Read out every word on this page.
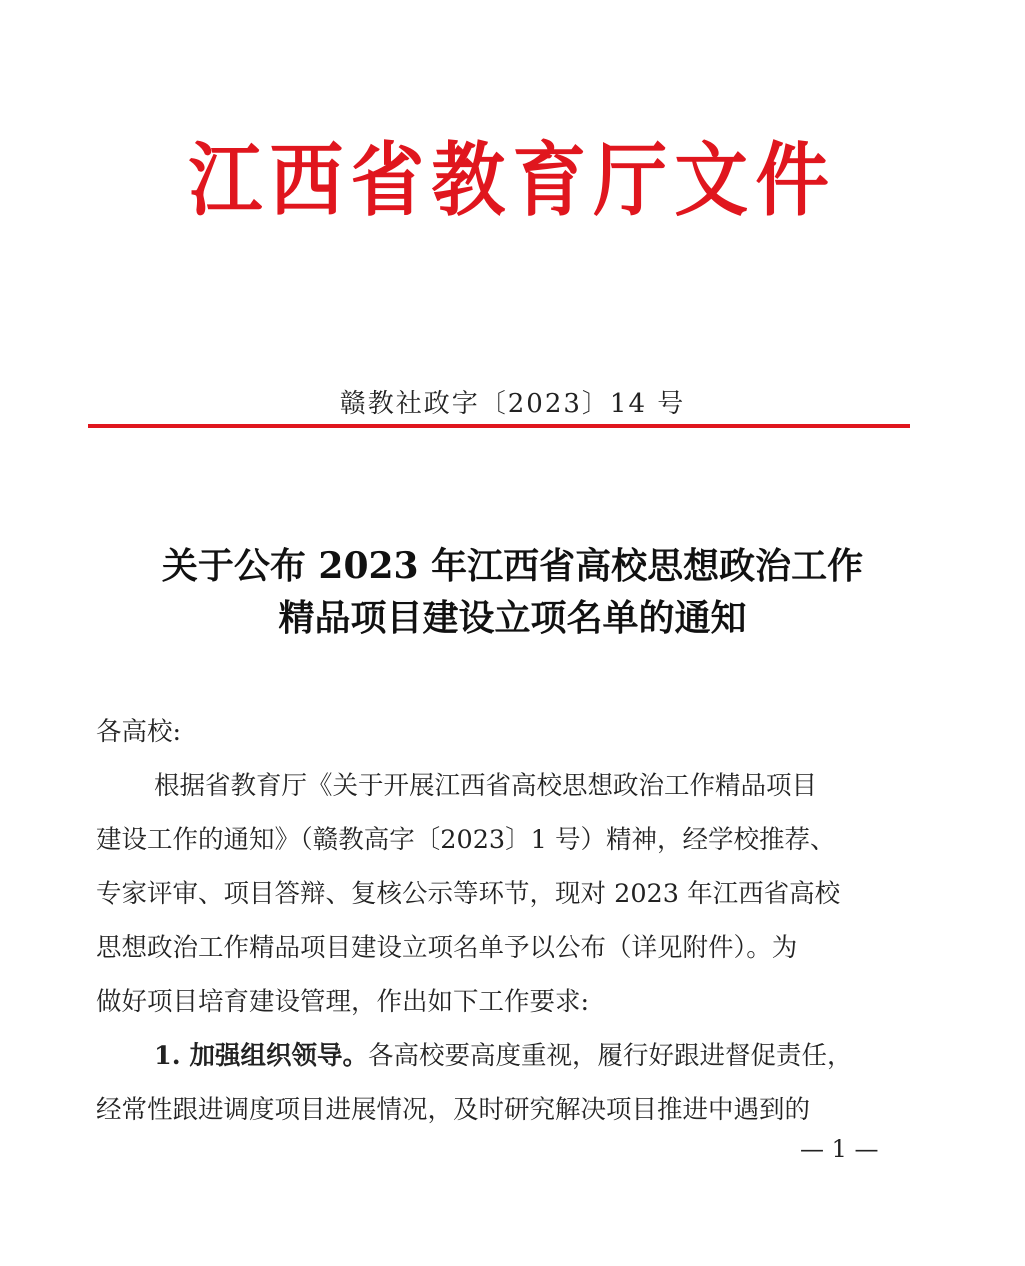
江西省教育厅文件
赣教社政字〔2023〕14 号
关于公布 2023 年江西省高校思想政治工作
精品项目建设立项名单的通知
各高校:
根据省教育厅《关于开展江西省高校思想政治工作精品项目
建设工作的通知》（赣教高字〔2023〕1 号）精神，经学校推荐、
专家评审、项目答辩、复核公示等环节，现对 2023 年江西省高校
思想政治工作精品项目建设立项名单予以公布（详见附件）。为
做好项目培育建设管理，作出如下工作要求:
1. 加强组织领导。各高校要高度重视，履行好跟进督促责任，
经常性跟进调度项目进展情况，及时研究解决项目推进中遇到的
— 1 —
